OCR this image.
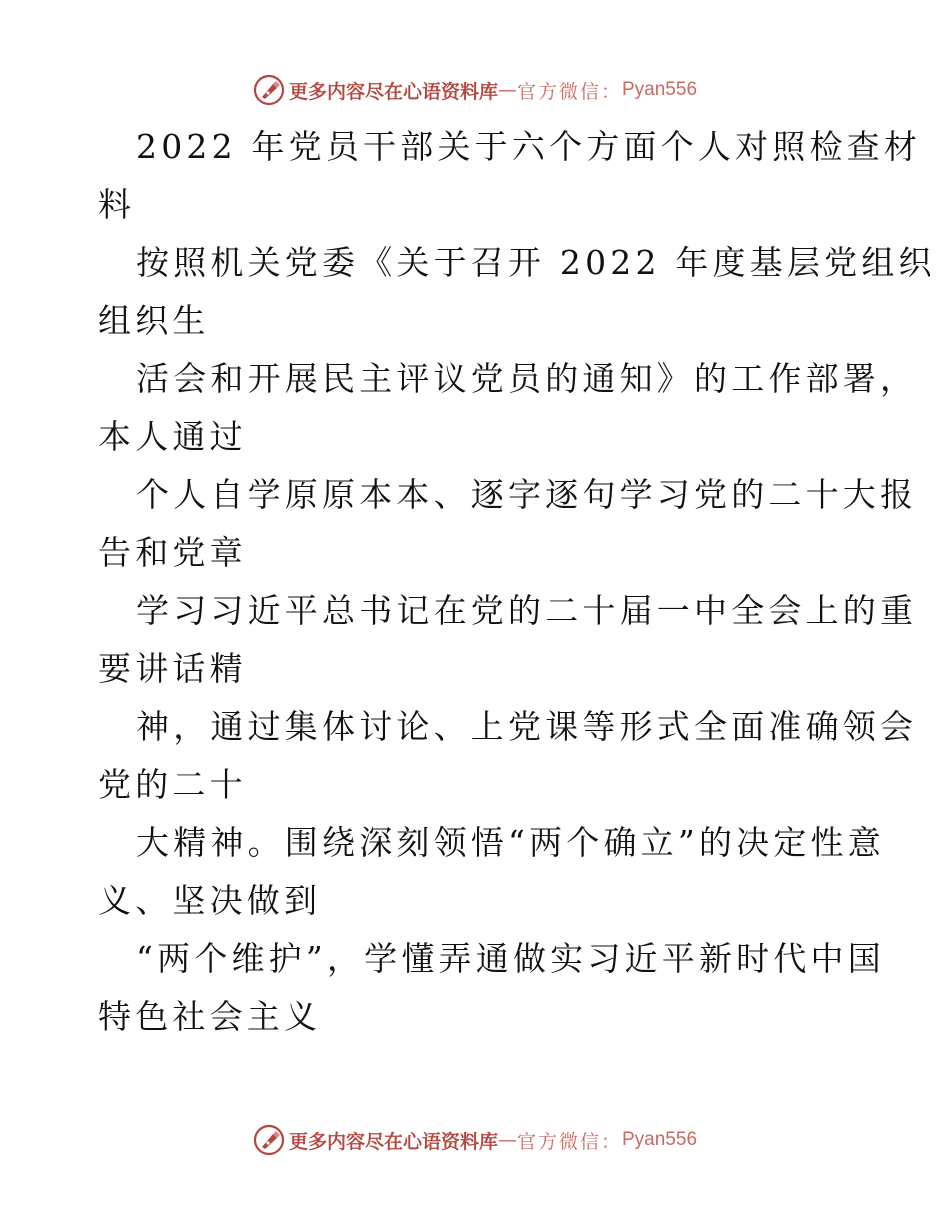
更多内容尽在心语资料库 — 官方微信： Pyan556
2022 年党员干部关于六个方面个人对照检查材
料
按照机关党委《关于召开 2022 年度基层党组织
组织生
活会和开展民主评议党员的通知》的工作部署，
本人通过
个人自学原原本本、逐字逐句学习党的二十大报
告和党章
学习习近平总书记在党的二十届一中全会上的重
要讲话精
神，通过集体讨论、上党课等形式全面准确领会
党的二十
大精神。围绕深刻领悟“两个确立”的决定性意
义、坚决做到
“两个维护”，学懂弄通做实习近平新时代中国
特色社会主义
更多内容尽在心语资料库 — 官方微信： Pyan556
